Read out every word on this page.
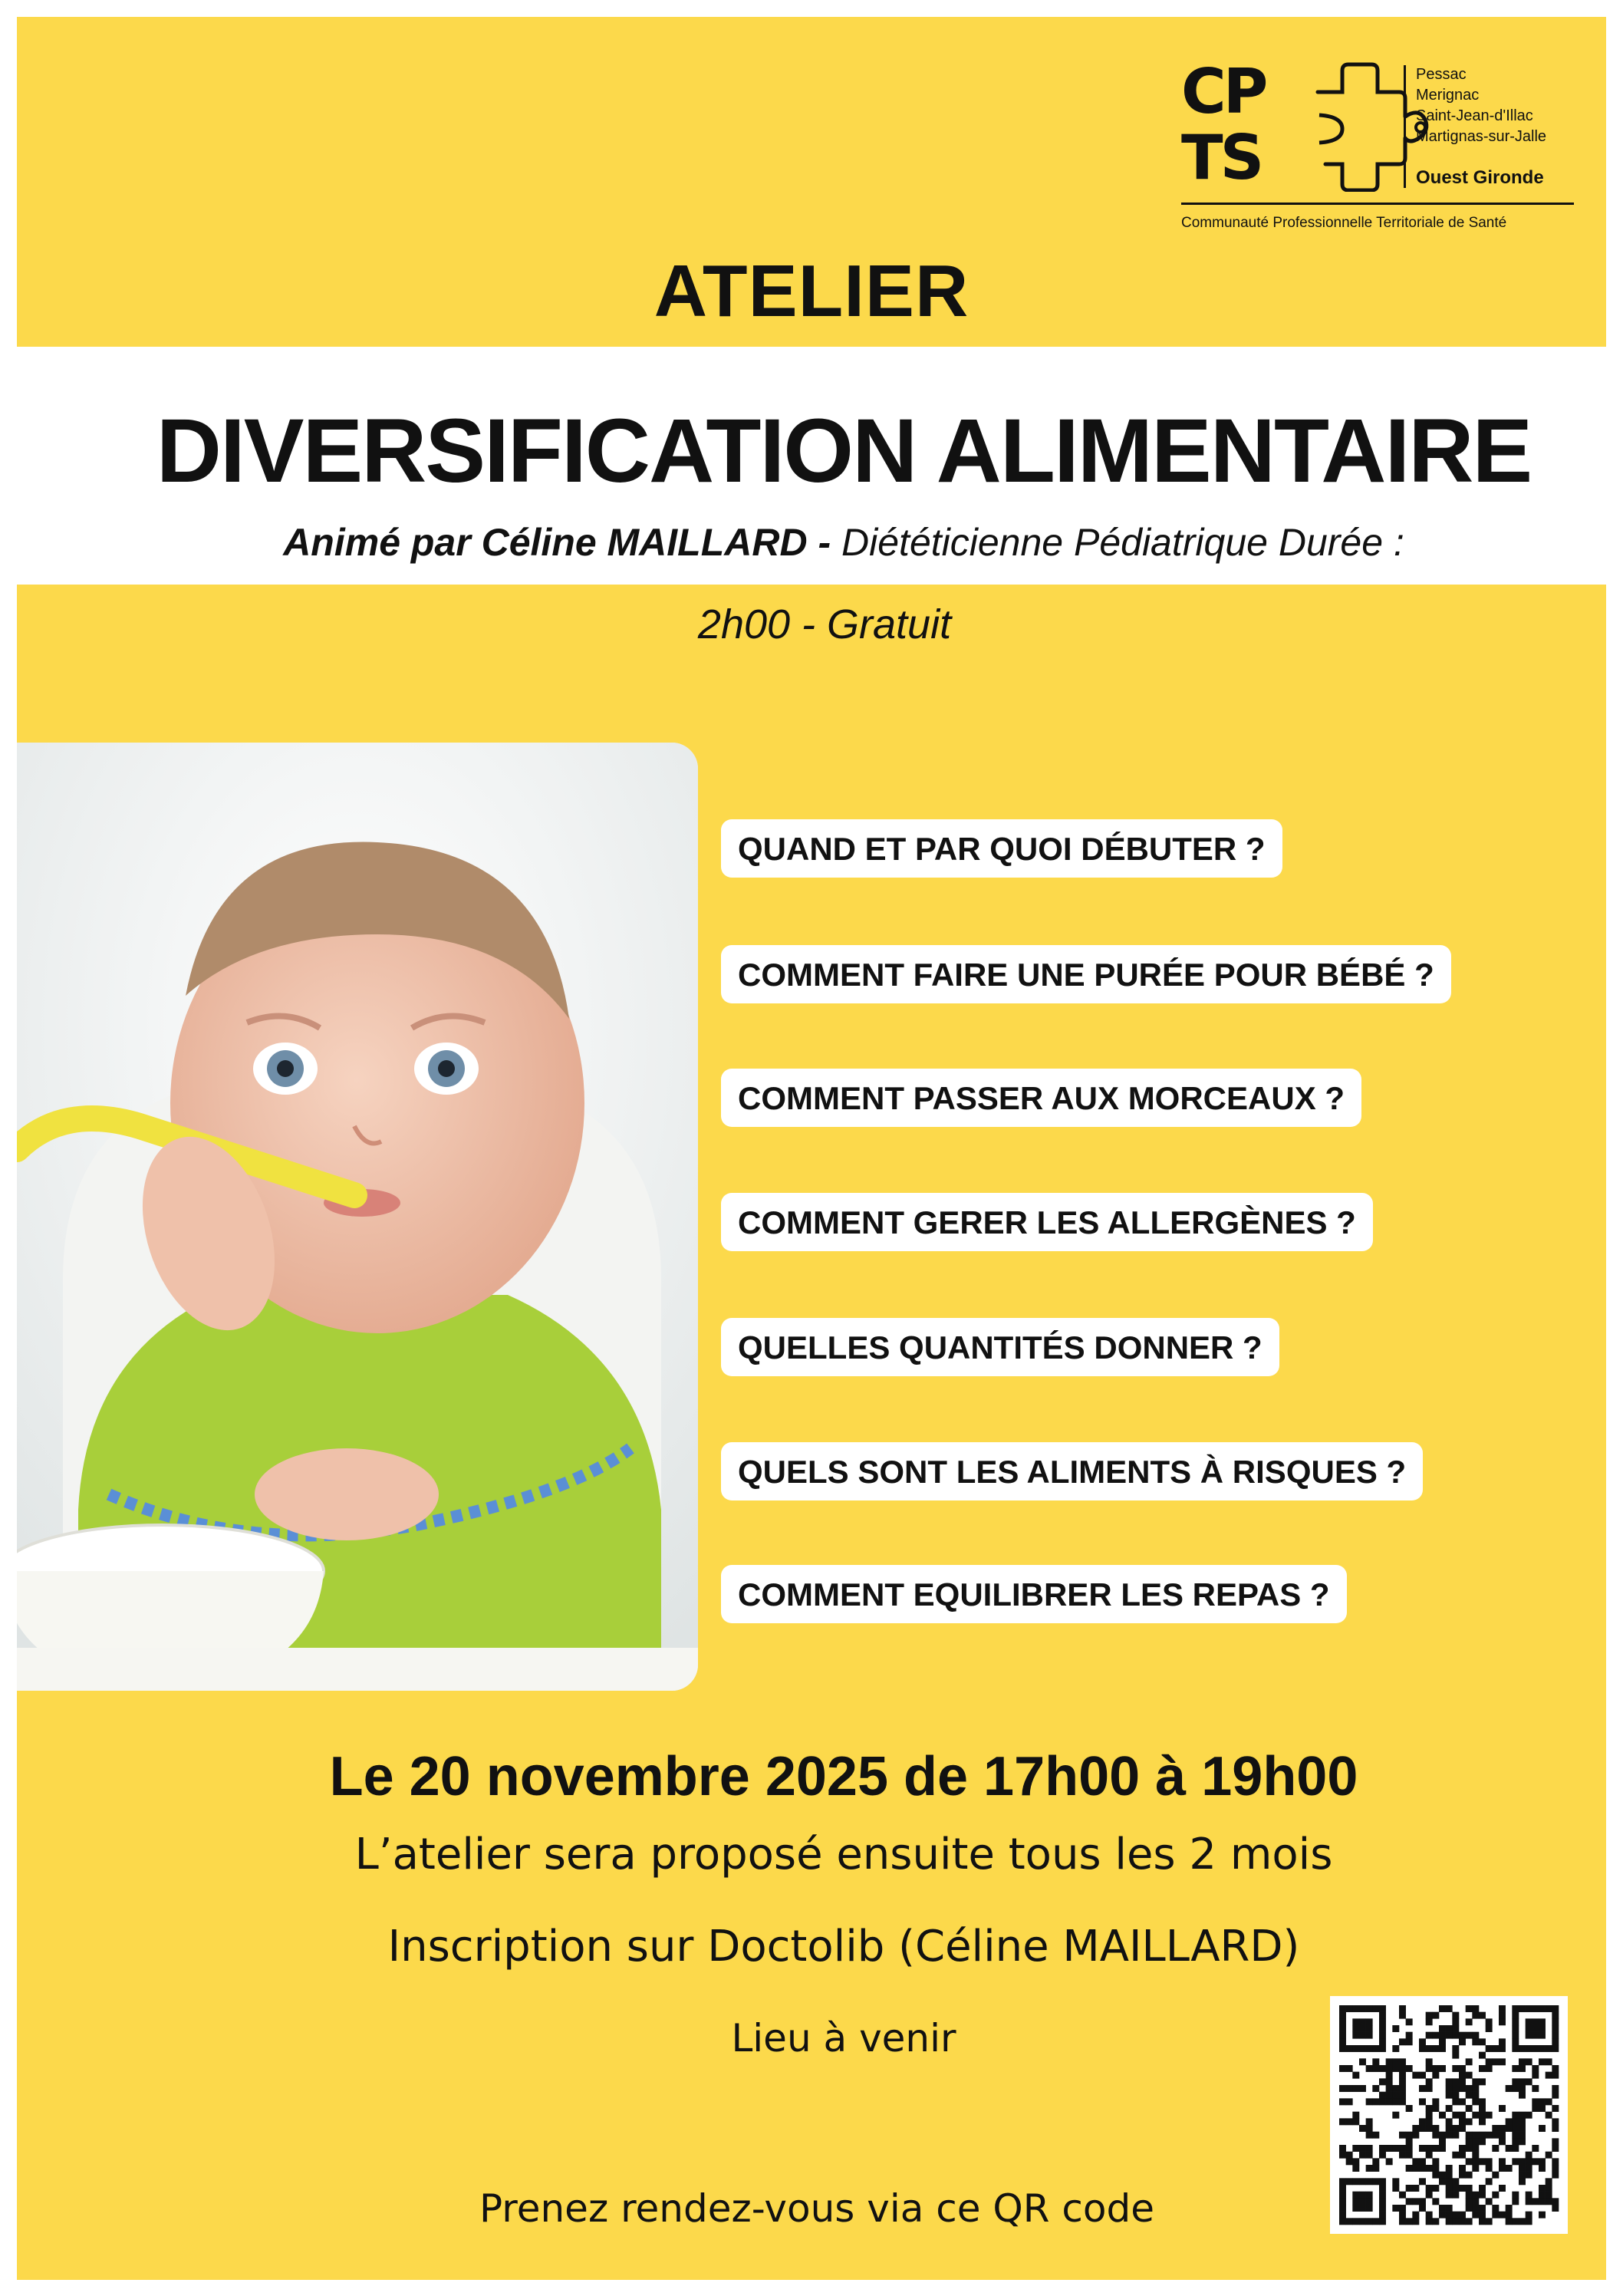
CP
TS
Pessac
Merignac
Saint-Jean-d'Illac
Martignas-sur-Jalle
Ouest Gironde
Communauté Professionnelle Territoriale de Santé
ATELIER
DIVERSIFICATION ALIMENTAIRE
Animé par Céline MAILLARD - Diététicienne Pédiatrique Durée :
2h00 - Gratuit
QUAND ET PAR QUOI DÉBUTER ?
COMMENT FAIRE UNE PURÉE POUR BÉBÉ ?
COMMENT PASSER AUX MORCEAUX ?
COMMENT GERER LES ALLERGÈNES ?
QUELLES QUANTITÉS DONNER ?
QUELS SONT LES ALIMENTS À RISQUES ?
COMMENT EQUILIBRER LES REPAS ?
Le 20 novembre 2025 de 17h00 à 19h00
L’atelier sera proposé ensuite tous les 2 mois
Inscription sur Doctolib (Céline MAILLARD)
Lieu à venir
Prenez rendez-vous via ce QR code
